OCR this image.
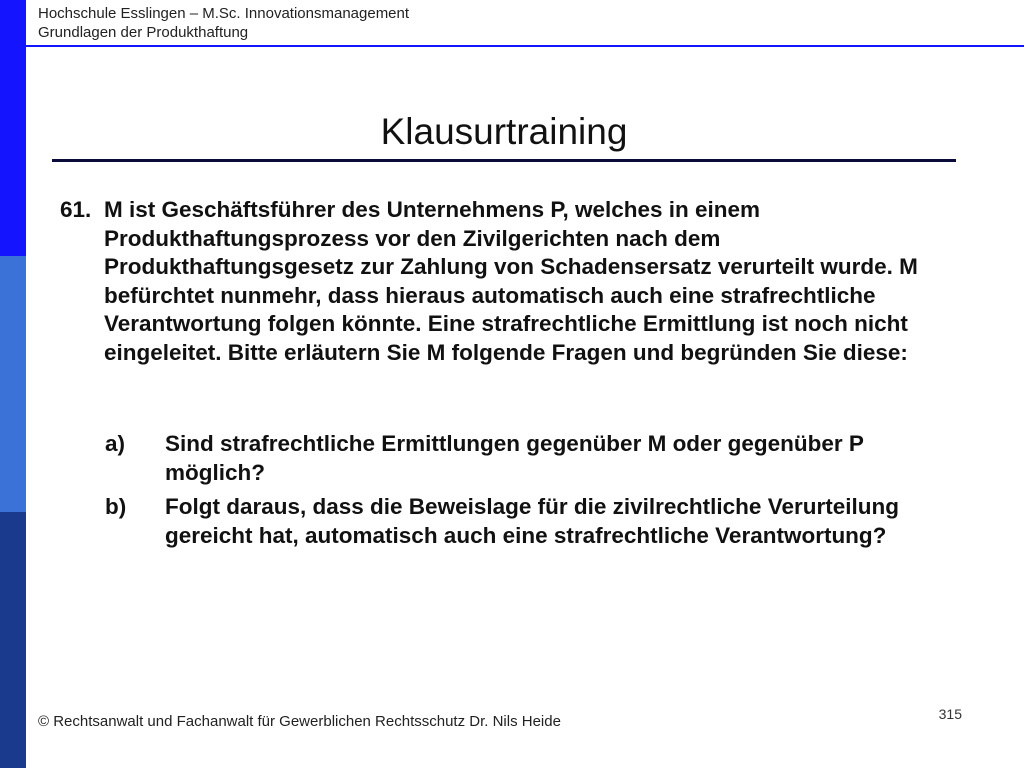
Hochschule Esslingen – M.Sc. Innovationsmanagement
Grundlagen der Produkthaftung
Klausurtraining
61. M ist Geschäftsführer des Unternehmens P, welches in einem Produkthaftungsprozess vor den Zivilgerichten nach dem Produkthaftungsgesetz zur Zahlung von Schadensersatz verurteilt wurde. M befürchtet nunmehr, dass hieraus automatisch auch eine strafrechtliche Verantwortung folgen könnte. Eine strafrechtliche Ermittlung ist noch nicht eingeleitet. Bitte erläutern Sie M folgende Fragen und begründen Sie diese:
a)	Sind strafrechtliche Ermittlungen gegenüber M oder gegenüber P möglich?
b)	Folgt daraus, dass die Beweislage für die zivilrechtliche Verurteilung gereicht hat, automatisch auch eine strafrechtliche Verantwortung?
315
© Rechtsanwalt und Fachanwalt für Gewerblichen Rechtsschutz Dr. Nils Heide
